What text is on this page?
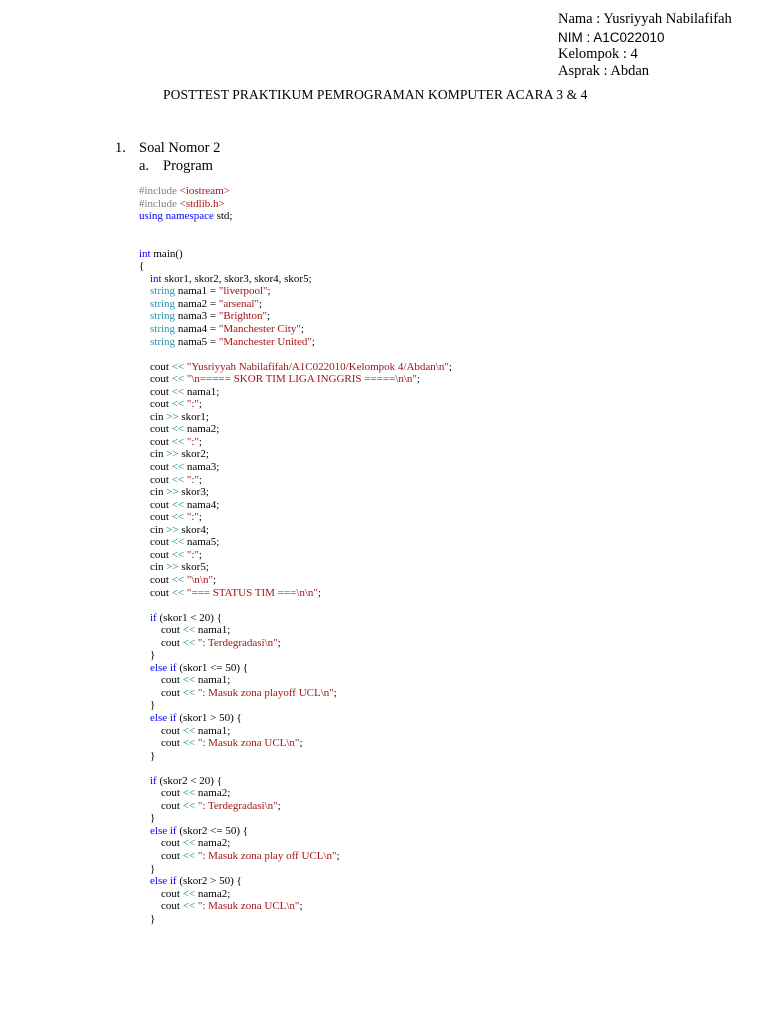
Nama : Yusriyyah Nabilafifah
NIM : A1C022010
Kelompok : 4
Asprak : Abdan
POSTTEST PRAKTIKUM PEMROGRAMAN KOMPUTER ACARA 3 & 4
1. Soal Nomor 2
a. Program
#include <iostream>
#include <stdlib.h>
using namespace std;

int main()
{
int skor1, skor2, skor3, skor4, skor5;
string nama1 = "liverpool";
string nama2 = "arsenal";
string nama3 = "Brighton";
string nama4 = "Manchester City";
string nama5 = "Manchester United";

cout << "Yusriyyah Nabilafifah/A1C022010/Kelompok 4/Abdan\n";
cout << "\n===== SKOR TIM LIGA INGGRIS =====\n\n";
cout << nama1;
cout << ":";
cin >> skor1;
cout << nama2;
cout << ":";
cin >> skor2;
cout << nama3;
cout << ":";
cin >> skor3;
cout << nama4;
cout << ":";
cin >> skor4;
cout << nama5;
cout << ":";
cin >> skor5;
cout << "\n\n";
cout << "=== STATUS TIM ===\n\n";

if (skor1 < 20) {
cout << nama1;
cout << ": Terdegradasi\n";
}
else if (skor1 <= 50) {
cout << nama1;
cout << ": Masuk zona playoff UCL\n";
}
else if (skor1 > 50) {
cout << nama1;
cout << ": Masuk zona UCL\n";
}

if (skor2 < 20) {
cout << nama2;
cout << ": Terdegradasi\n";
}
else if (skor2 <= 50) {
cout << nama2;
cout << ": Masuk zona play off UCL\n";
}
else if (skor2 > 50) {
cout << nama2;
cout << ": Masuk zona UCL\n";
}
